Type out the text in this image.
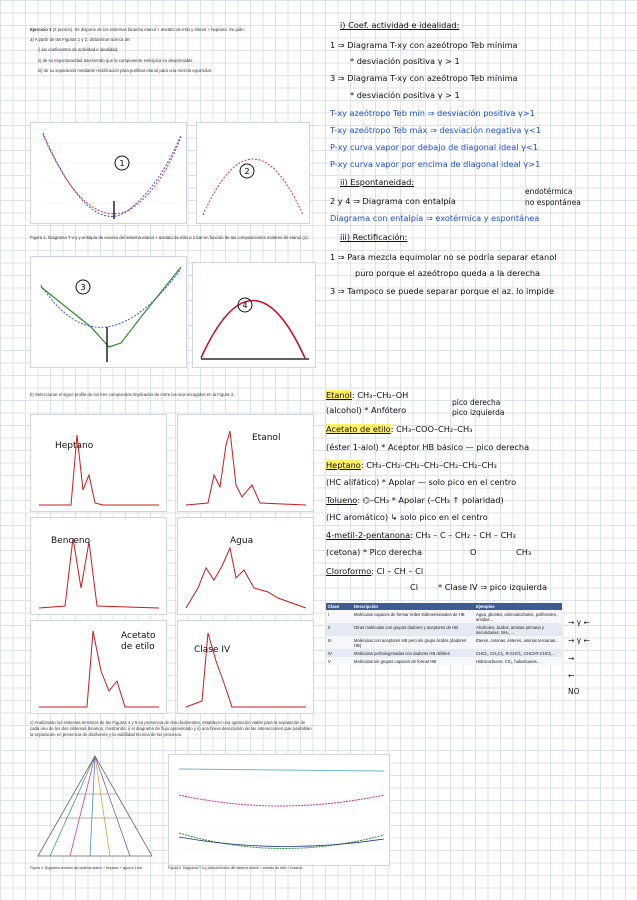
Ejercicio 1 (2 puntos). Se dispone de los sistemas binarios etanol + acetato de etilo y etanol + heptano. Se pide:
a) A partir de las Figuras 1 y 2, dictaminar acerca de:
i) los coeficientes de actividad e idealidad,
ii) de su espontaneidad asumiendo que la componente entrópica es despreciable
iii) de su separación mediante rectificación para purificar etanol para una mezcla equimolar.
1
2
Figura 1. Diagrama T-x-y y entalpía de exceso del sistema etanol + acetato de etilo a 1 bar en función de las composiciones molares de etanol (1).
3
4
b) Seleccionar el signo profile de los tres compuestos implicados de entre los seis recogidos en la Figura 3.
Heptano
Etanol
Benceno	Agua
Acetato
de etilo	Clase IV
c) Analizando los sistemas ternarios de las Figuras 4 y 5 en presencia de dos disolventes, establecer una operación viable para la separación de cada uno de los dos sistemas binarios, mostrando: i) el diagrama de flujo aproximado y ii) una breve descripción de las interacciones que posibilitan la separación en presencia de disolvente y la viabilidad técnica de los procesos.
Figura 4. Diagrama ternario del sistema etanol + heptano + agua a 1 bar.	Figura 5. Diagrama T-x-y pseudobinario del sistema etanol + acetato de etilo + butanol.
i) Coef. actividad e idealidad:
1 ⇒ Diagrama T-xy con azeótropo Teb mínima
* desviación positiva γ > 1
3 ⇒ Diagrama T-xy con azeótropo Teb mínima
* desviación positiva γ > 1
T-xy azeótropo Teb mín ⇒ desviación positiva γ>1
T-xy azeótropo Teb máx ⇒ desviación negativa γ<1
P-xy curva vapor por debajo de diagonal ideal γ<1
P-xy curva vapor por encima de diagonal ideal γ>1
ii) Espontaneidad:
2 y 4 ⇒ Diagrama con entalpía
endotérmica
no espontánea
Diagrama con entalpía ⇒ exotérmica y espontánea
iii) Rectificación:
1 ⇒ Para mezcla equimolar no se podría separar etanol
puro porque el azeótropo queda a la derecha
3 ⇒ Tampoco se puede separar porque el az. lo impide
Etanol: CH₃–CH₂–OH
(alcohol) * Anfótero
pico derecha
pico izquierda
Acetato de etilo: CH₃–COO–CH₂–CH₃
(éster 1-alol) * Aceptor HB básico — pico derecha
Heptano: CH₃–CH₂–CH₂–CH₂–CH₂–CH₂–CH₃
(HC alifático) * Apolar — solo pico en el centro
Tolueno: ⌬–CH₃ * Apolar (–CH₃ ↑ polaridad)
(HC aromático) ↳ solo pico en el centro
4-metil-2-pentanona: CH₃ – C – CH₂ – CH – CH₃
(cetona) * Pico derecha	O	CH₃
Cloroformo: Cl – CH – Cl
Cl * Clase IV ⇒ pico izquierda
Clase	Descripción	Ejemplos
I	Moléculas capaces de formar redes tridimensionales de HB	Agua, glicoles, aminoalcoholes, polifenoles, amidas...
II	Otras moléculas con grupos dadores y aceptores de HB	Alcoholes, ácidos, aminas primaria y secundarias, NH₃, ...
III	Moléculas con aceptores HB pero sin grupo ácidos (dadores HB)	Éteres, cetonas, ésteres, aminas terciarias...
IV	Moléculas perhalogenadas con dadores HB débiles	CHCl₃, CH₂Cl₂, R-CHCl₂, CHCl-R-CHCl₂...
V	Moléculas sin grupos capaces de formar HB	Hidrocarburos, CS₂, haloalcanos...
→ γ ←
→ γ ←
→
←
NO
